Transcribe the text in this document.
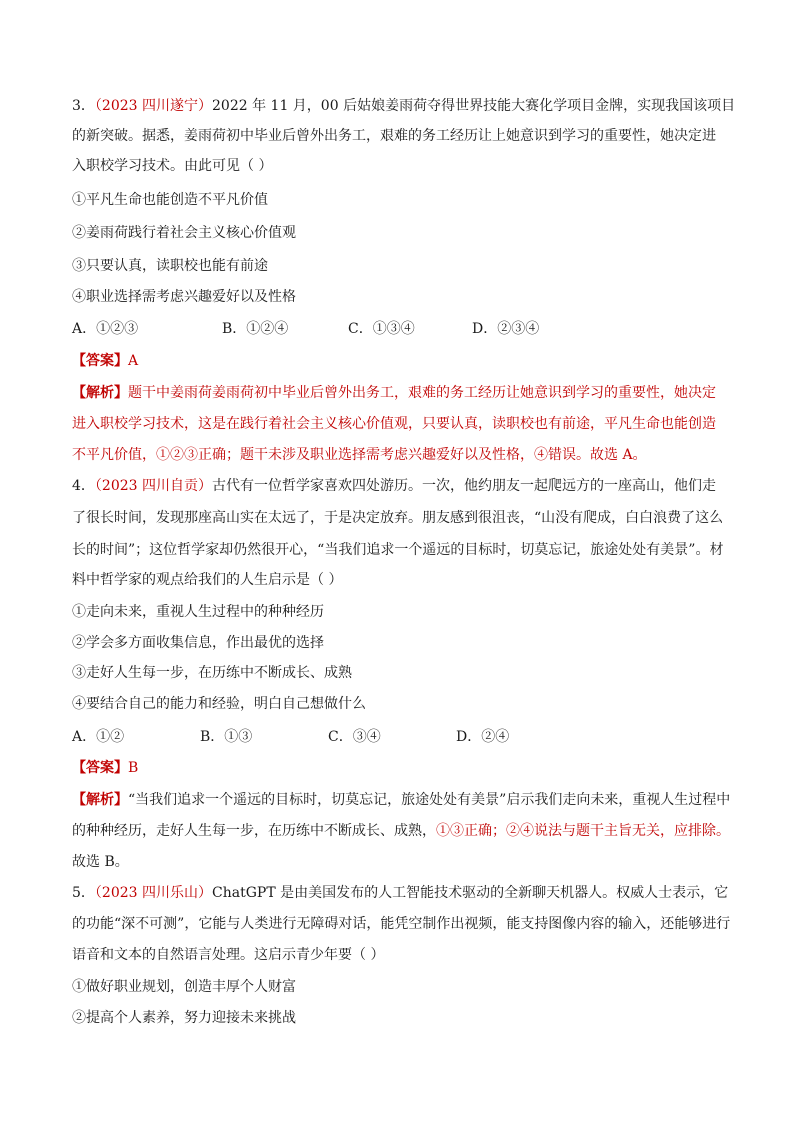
3．（2023 四川遂宁）2022 年 11 月，00 后姑娘姜雨荷夺得世界技能大赛化学项目金牌，实现我国该项目
的新突破。据悉，姜雨荷初中毕业后曾外出务工，艰难的务工经历让上她意识到学习的重要性，她决定进
入职校学习技术。由此可见（ ）
①平凡生命也能创造不平凡价值
②姜雨荷践行着社会主义核心价值观
③只要认真，读职校也能有前途
④职业选择需考虑兴趣爱好以及性格
A．①②③	B．①②④	C．①③④	D．②③④
【答案】A
【解析】题干中姜雨荷姜雨荷初中毕业后曾外出务工，艰难的务工经历让她意识到学习的重要性，她决定
进入职校学习技术，这是在践行着社会主义核心价值观，只要认真，读职校也有前途，平凡生命也能创造
不平凡价值，①②③正确；题干未涉及职业选择需考虑兴趣爱好以及性格，④错误。故选 A。
4．（2023 四川自贡）古代有一位哲学家喜欢四处游历。一次，他约朋友一起爬远方的一座高山，他们走
了很长时间，发现那座高山实在太远了，于是决定放弃。朋友感到很沮丧，“山没有爬成，白白浪费了这么
长的时间”；这位哲学家却仍然很开心，“当我们追求一个遥远的目标时，切莫忘记，旅途处处有美景”。材
料中哲学家的观点给我们的人生启示是（ ）
①走向未来，重视人生过程中的种种经历
②学会多方面收集信息，作出最优的选择
③走好人生每一步，在历练中不断成长、成熟
④要结合自己的能力和经验，明白自己想做什么
A．①②	B．①③	C．③④	D．②④
【答案】B
【解析】“当我们追求一个遥远的目标时，切莫忘记，旅途处处有美景”启示我们走向未来，重视人生过程中
的种种经历，走好人生每一步，在历练中不断成长、成熟，①③正确；②④说法与题干主旨无关，应排除。
故选 B。
5．（2023 四川乐山）ChatGPT 是由美国发布的人工智能技术驱动的全新聊天机器人。权威人士表示，它
的功能“深不可测”，它能与人类进行无障碍对话，能凭空制作出视频，能支持图像内容的输入，还能够进行
语音和文本的自然语言处理。这启示青少年要（ ）
①做好职业规划，创造丰厚个人财富
②提高个人素养，努力迎接未来挑战
